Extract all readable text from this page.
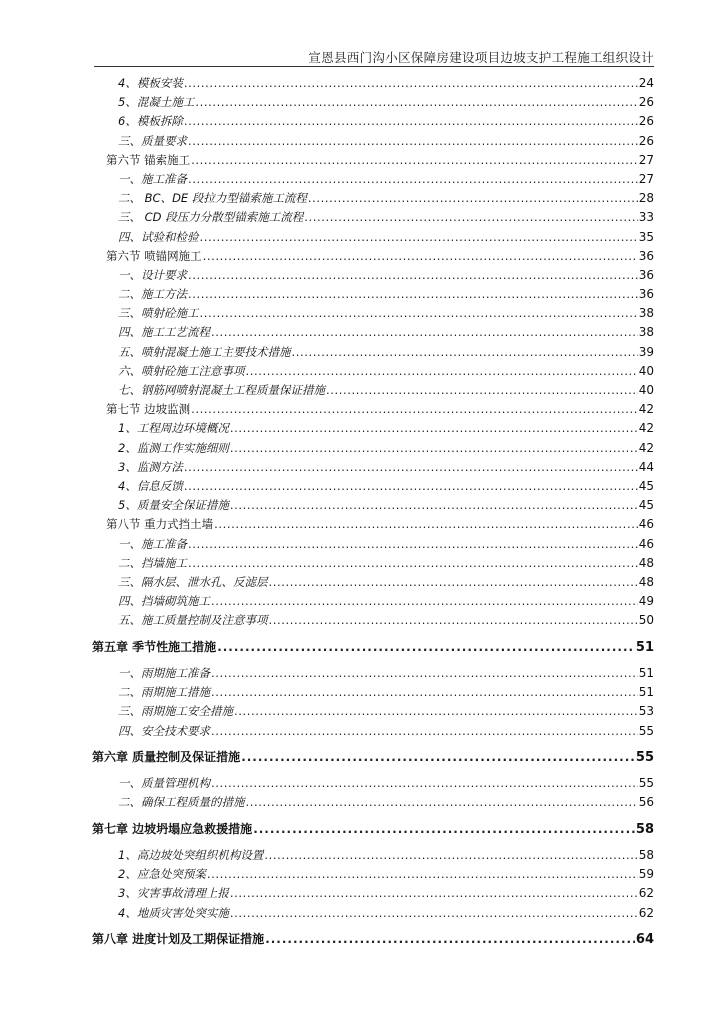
宣恩县西门沟小区保障房建设项目边坡支护工程施工组织设计
4、模板安装 .....	24
5、混凝土施工 .....	26
6、模板拆除 .....	26
三、质量要求 .....	26
第六节 锚索施工 .....	27
一、施工准备 .....	27
二、 BC、DE 段拉力型锚索施工流程 .....	28
三、 CD 段压力分散型锚索施工流程 .....	33
四、试验和检验 .....	35
第六节 喷锚网施工 .....	36
一、设计要求 .....	36
二、施工方法 .....	36
三、喷射砼施工 .....	38
四、施工工艺流程 .....	38
五、喷射混凝土施工主要技术措施 .....	39
六、喷射砼施工注意事项 .....	40
七、钢筋网喷射混凝土工程质量保证措施 .....	40
第七节 边坡监测 .....	42
1、工程周边环境概况 .....	42
2、监测工作实施细则 .....	42
3、监测方法 .....	44
4、信息反馈 .....	45
5、质量安全保证措施 .....	45
第八节 重力式挡土墙 .....	46
一、施工准备 .....	46
二、挡墙施工 .....	48
三、隔水层、泄水孔、反滤层 .....	48
四、挡墙砌筑施工 .....	49
五、施工质量控制及注意事项 .....	50
第五章 季节性施工措施 .....	51
一、雨期施工准备 .....	51
二、雨期施工措施 .....	51
三、雨期施工安全措施 .....	53
四、安全技术要求 .....	55
第六章 质量控制及保证措施 .....	55
一、质量管理机构 .....	55
二、确保工程质量的措施 .....	56
第七章 边坡坍塌应急救援措施 .....	58
1、高边坡处突组织机构设置 .....	58
2、应急处突预案 .....	59
3、灾害事故清理上报 .....	62
4、地质灾害处突实施 .....	62
第八章 进度计划及工期保证措施 .....	64
